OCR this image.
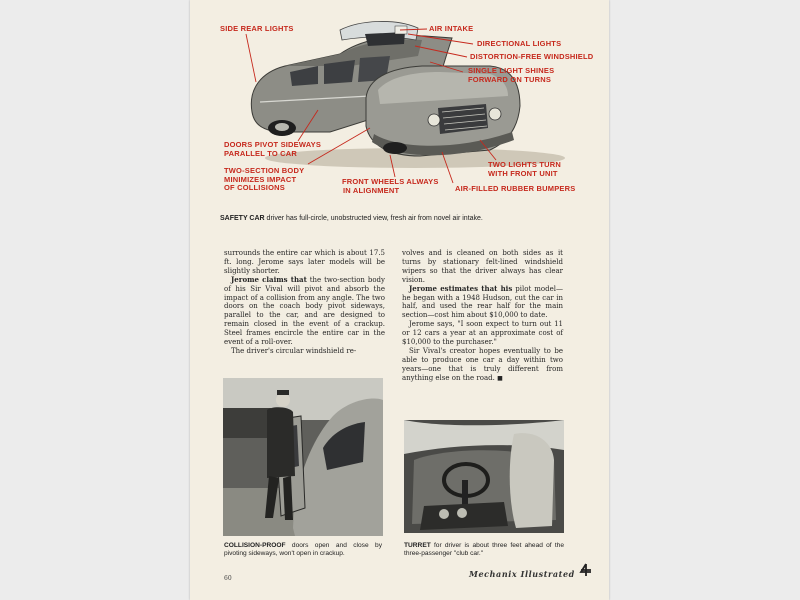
SIDE REAR LIGHTS	AIR INTAKE
DIRECTIONAL LIGHTS
DISTORTION-FREE WINDSHIELD
SINGLE LIGHT SHINES
FORWARD ON TURNS
DOORS PIVOT SIDEWAYS
PARALLEL TO CAR
TWO-SECTION BODY
MINIMIZES IMPACT
OF COLLISIONS
FRONT WHEELS ALWAYS
IN ALIGNMENT
TWO LIGHTS TURN
WITH FRONT UNIT
AIR-FILLED RUBBER BUMPERS
SAFETY CAR driver has full-circle, unobstructed view, fresh air from novel air intake.

surrounds the entire car which is about 17.5 ft. long. Jerome says later models will be slightly shorter.

Jerome claims that the two-section body of his Sir Vival will pivot and absorb the impact of a collision from any angle. The two doors on the coach body pivot sideways, parallel to the car, and are designed to remain closed in the event of a crackup. Steel frames encircle the entire car in the event of a roll-over.

The driver's circular windshield re-

volves and is cleaned on both sides as it turns by stationary felt-lined windshield wipers so that the driver always has clear vision.

Jerome estimates that his pilot model—he began with a 1948 Hudson, cut the car in half, and used the rear half for the main section—cost him about $10,000 to date.

Jerome says, "I soon expect to turn out 11 or 12 cars a year at an approximate cost of $10,000 to the purchaser."

Sir Vival's creator hopes eventually to be able to produce one car a day within two years—one that is truly different from anything else on the road. ■

COLLISION-PROOF doors open and close by pivoting sideways, won't open in crackup.
TURRET for driver is about three feet ahead of the three-passenger "club car."
60	Mechanix Illustrated
